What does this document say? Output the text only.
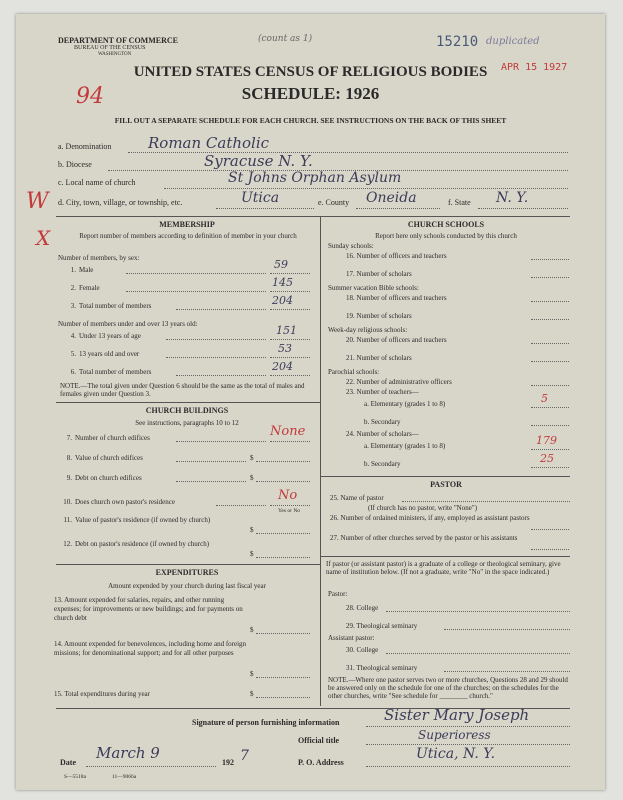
DEPARTMENT OF COMMERCE
BUREAU OF THE CENSUS
WASHINGTON
(count as 1)	15210 duplicated
APR 15 1927
UNITED STATES CENSUS OF RELIGIOUS BODIES
SCHEDULE: 1926
94
FILL OUT A SEPARATE SCHEDULE FOR EACH CHURCH. SEE INSTRUCTIONS ON THE BACK OF THIS SHEET
a. Denomination Roman Catholic
b. Diocese	Syracuse N. Y.
c. Local name of church	St Johns Orphan Asylum
W d. City, town, village, or township, etc.	Utica	e. County Oneida	f. State N. Y.
MEMBERSHIP
X	Report number of members according to definition of member in your church
Number of members, by sex:
1. Male	59
2. Female	145
3. Total number of members	204
Number of members under and over 13 years old:
4. Under 13 years of age	151
5. 13 years old and over	53
6. Total number of members	204
NOTE.—The total given under Question 6 should be the same as the total of males and females given under Question 3.
CHURCH BUILDINGS
See instructions, paragraphs 10 to 12
7. Number of church edifices	None
8. Value of church edifices	$
9. Debt on church edifices	$
10. Does church own pastor's residence	No
Yes or No
11. Value of pastor's residence (if owned by church)
$
12. Debt on pastor's residence (if owned by church)
$
EXPENDITURES
Amount expended by your church during last fiscal year
13. Amount expended for salaries, repairs, and other running expenses; for improvements or new buildings; and for payments on church debt
$
14. Amount expended for benevolences, including home and foreign missions; for denominational support; and for all other purposes
$
15. Total expenditures during year	$
CHURCH SCHOOLS
Report here only schools conducted by this church
Sunday schools:
16. Number of officers and teachers
17. Number of scholars
Summer vacation Bible schools:
18. Number of officers and teachers
19. Number of scholars
Week-day religious schools:
20. Number of officers and teachers
21. Number of scholars
Parochial schools:
22. Number of administrative officers
23. Number of teachers—
a. Elementary (grades 1 to 8)	5
b. Secondary
24. Number of scholars—
a. Elementary (grades 1 to 8)	179
b. Secondary	25
PASTOR
25. Name of pastor
(If church has no pastor, write "None")
26. Number of ordained ministers, if any, employed as assistant pastors
27. Number of other churches served by the pastor or his assistants
If pastor (or assistant pastor) is a graduate of a college or theological seminary, give name of institution below. (If not a graduate, write "No" in the space indicated.)
Pastor:
28. College
29. Theological seminary
Assistant pastor:
30. College
31. Theological seminary
NOTE.—Where one pastor serves two or more churches, Questions 28 and 29 should be answered only on the schedule for one of the churches; on the schedules for the other churches, write "See schedule for ________ church."
Signature of person furnishing information	Sister Mary Joseph
Official title	Superioress
Date
March 9
192 7	P. O. Address
Utica, N. Y.
S—5518a	11—9066a
